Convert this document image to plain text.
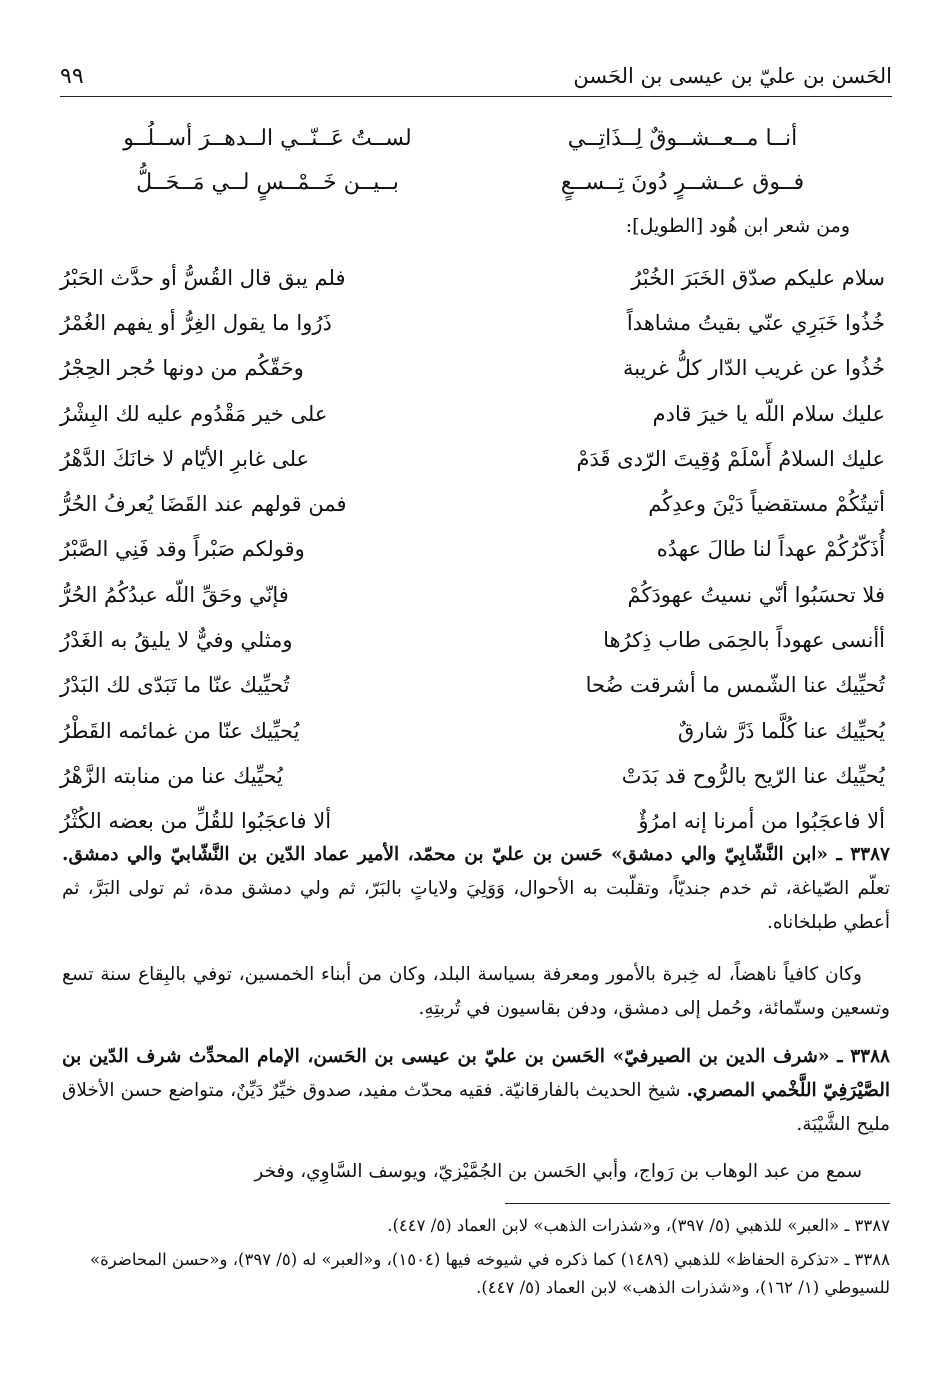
الحَسن بن عليّ بن عيسى بن الحَسن
٩٩
أنــا مــعــشــوقٌ لِــذَاتِــي
لســتُ عَــنّــي الــدهــرَ أســلُــو
فــوق عــشــرٍ دُونَ تِــســعٍ
بــيــن خَــمْــسٍ لــي مَــحَــلُّ
ومن شعر ابن هُود [الطويل]:
سلام عليكم صدّق الخَبَرَ الخُبْرُ
فلم يبق قال القُسُّ أو حدَّث الحَبْرُ
خُذُوا خَبَرِي عنّي بقيتُ مشاهداً
ذَرُوا ما يقول الغِرُّ أو يفهم الغُمْرُ
خُذُوا عن غريب الدّار كلُّ غريبة
وحَقّكُم من دونها حُجر الحِجْرُ
عليك سلام اللّه يا خيرَ قادم
على خير مَقْدُوم عليه لك البِشْرُ
عليك السلامُ أَسْلَمْ وُقِيتَ الرّدى قَدَمْ
على غابرِ الأيّام لا خانَكَ الدَّهْرُ
أتيتُكُمْ مستقضياً دَيْنَ وعدِكُم
فمن قولهم عند القَضَا يُعرفُ الحُرُّ
أُذَكّرُكُمْ عهداً لنا طالَ عهدُه
وقولكم صَبْراً وقد فَنِي الصَّبْرُ
فلا تحسَبُوا أنّي نسيتُ عهودَكُمْ
فإنّي وحَقِّ اللّه عبدُكُمُ الحُرُّ
أأنسى عهوداً بالحِمَى طاب ذِكرُها
ومثلي وفيٌّ لا يليقُ به الغَدْرُ
تُحيِّيك عنا الشّمس ما أشرقت ضُحا
تُحيِّيك عنّا ما تَبَدّى لك البَدْرُ
يُحيِّيك عنا كُلَّما ذَرَّ شارقٌ
يُحيِّيك عنّا من غمائمه القَطْرُ
يُحيِّيك عنا الرّيح بالرُّوح قد بَدَتْ
يُحيِّيك عنا من منابته الزَّهْرُ
ألا فاعجَبُوا من أمرنا إنه امرُؤٌ
ألا فاعجَبُوا للقُلِّ من بعضه الكُثْرُ
٣٣٨٧ ـ «ابن النَّشّابِيّ والي دمشق» حَسن بن عليّ بن محمّد، الأمير عماد الدّين بن النَّشّابيّ والي دمشق. تعلّم الصّياغة، ثم خدم جنديّاً، وتقلّبت به الأحوال، وَوَلِيَ ولاياتٍ بالبَرّ، ثم ولي دمشق مدة، ثم تولى البَرَّ، ثم أعطي طبلخاناه.
وكان كافياً ناهضاً، له خِبرة بالأمور ومعرفة بسياسة البلد، وكان من أبناء الخمسين، توفي بالبِقاع سنة تسع وتسعين وستّمائة، وحُمل إلى دمشق، ودفن بقاسيون في تُربتِهِ.
٣٣٨٨ ـ «شرف الدين بن الصيرفيّ» الحَسن بن عليّ بن عيسى بن الحَسن، الإمام المحدِّث شرف الدّين بن الصَّيْرَفِيّ اللَّخْمي المصري. شيخ الحديث بالفارقانيّة. فقيه محدّث مفيد، صدوق خيِّرٌ دَيِّنٌ، متواضع حسن الأخلاق مليح الشَّيْبَة.
سمع من عبد الوهاب بن رَواج، وأبي الحَسن بن الجُمَّيْزيّ، ويوسف السَّاوِي، وفخر

٣٣٨٧ ـ «العبر» للذهبي (٥/ ٣٩٧)، و«شذرات الذهب» لابن العماد (٥/ ٤٤٧).

٣٣٨٨ ـ «تذكرة الحفاظ» للذهبي (١٤٨٩) كما ذكره في شيوخه فيها (١٥٠٤)، و«العبر» له (٥/ ٣٩٧)، و«حسن المحاضرة» للسيوطي (١/ ١٦٢)، و«شذرات الذهب» لابن العماد (٥/ ٤٤٧).
